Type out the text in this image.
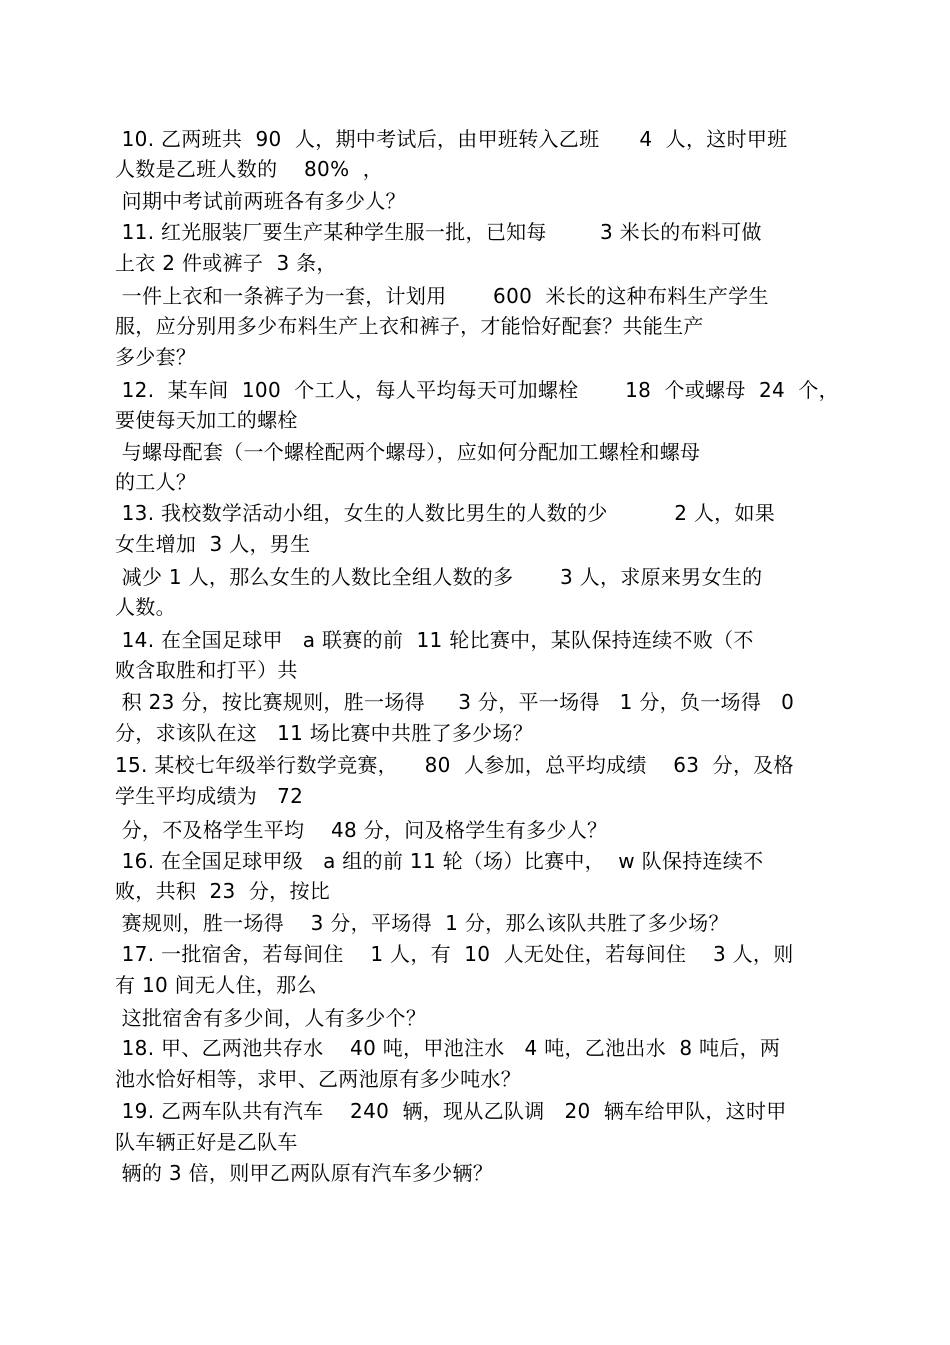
10. 乙两班共  90  人，期中考试后，由甲班转入乙班      4  人，这时甲班
人数是乙班人数的    80%  ，
问期中考试前两班各有多少人？
11. 红光服装厂要生产某种学生服一批，已知每        3 米长的布料可做
上衣 2 件或裤子  3 条，
一件上衣和一条裤子为一套，计划用       600  米长的这种布料生产学生
服，应分别用多少布料生产上衣和裤子，才能恰好配套？共能生产
多少套？
12.  某车间  100  个工人，每人平均每天可加螺栓       18  个或螺母  24  个，
要使每天加工的螺栓
与螺母配套（一个螺栓配两个螺母），应如何分配加工螺栓和螺母
的工人？
13. 我校数学活动小组，女生的人数比男生的人数的少          2 人，如果
女生增加  3 人，男生
减少 1 人，那么女生的人数比全组人数的多       3 人，求原来男女生的
人数。
14. 在全国足球甲   a 联赛的前  11 轮比赛中，某队保持连续不败（不
败含取胜和打平）共
积 23 分，按比赛规则，胜一场得     3 分，平一场得   1 分，负一场得   0
分，求该队在这   11 场比赛中共胜了多少场？
15. 某校七年级举行数学竞赛，    80  人参加，总平均成绩    63  分，及格
学生平均成绩为   72
分，不及格学生平均    48 分，问及格学生有多少人？
16. 在全国足球甲级   a 组的前 11 轮（场）比赛中，  w 队保持连续不
败，共积  23  分，按比
赛规则，胜一场得    3 分，平场得  1 分，那么该队共胜了多少场？
17. 一批宿舍，若每间住    1 人，有  10  人无处住，若每间住    3 人，则
有 10 间无人住，那么
这批宿舍有多少间，人有多少个？
18. 甲、乙两池共存水    40 吨，甲池注水   4 吨，乙池出水  8 吨后，两
池水恰好相等，求甲、乙两池原有多少吨水？
19. 乙两车队共有汽车    240  辆，现从乙队调   20  辆车给甲队，这时甲
队车辆正好是乙队车
辆的 3 倍，则甲乙两队原有汽车多少辆？
